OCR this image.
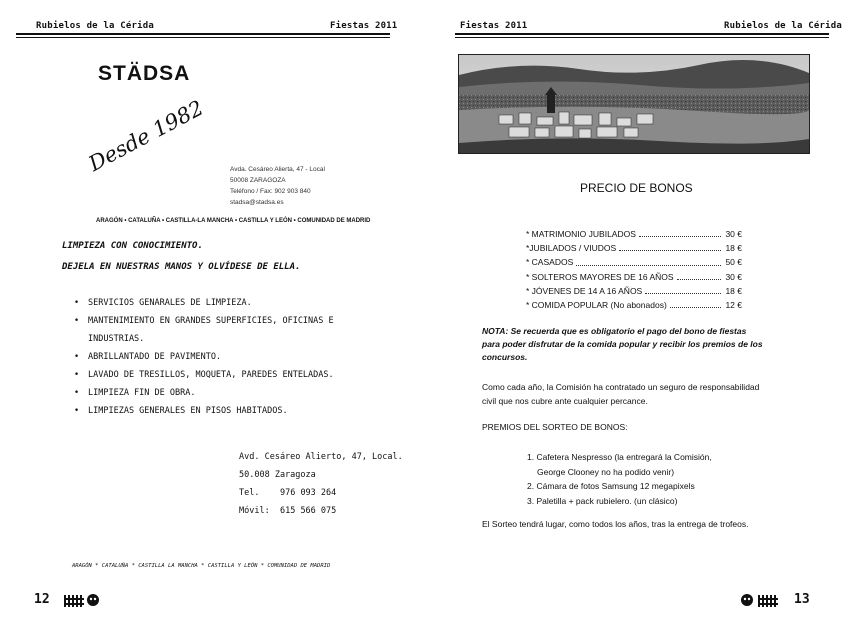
Rubielos de la Cérida	Fiestas 2011
STÄDSA
Desde 1982	Avda. Cesáreo Alierta, 47 - Local
50008 ZARAGOZA
Teléfono / Fax: 902 903 840
stadsa@stadsa.es
ARAGÓN • CATALUÑA • CASTILLA-LA MANCHA • CASTILLA Y LEÓN • COMUNIDAD DE MADRID
LIMPIEZA CON CONOCIMIENTO.
DEJELA EN NUESTRAS MANOS Y OLVÍDESE DE ELLA.
• SERVICIOS GENARALES DE LIMPIEZA.
• MANTENIMIENTO EN GRANDES SUPERFICIES, OFICINAS E INDUSTRIAS.
• ABRILLANTADO DE PAVIMENTO.
• LAVADO DE TRESILLOS, MOQUETA, PAREDES ENTELADAS.
• LIMPIEZA FIN DE OBRA.
• LIMPIEZAS GENERALES EN PISOS HABITADOS.
Avd. Cesáreo Alierto, 47, Local.
50.008 Zaragoza
Tel. 976 093 264
Móvil: 615 566 075
ARAGÓN * CATALUÑA * CASTILLA LA MANCHA * CASTILLA Y LEÓN * COMUNIDAD DE MADRID
12
Fiestas 2011	Rubielos de la Cérida
PRECIO DE BONOS
* MATRIMONIO JUBILADOS	30 €
*JUBILADOS / VIUDOS	18 €
* CASADOS	50 €
* SOLTEROS MAYORES DE 16 AÑOS	30 €
* JÓVENES DE 14 A 16 AÑOS	18 €
* COMIDA POPULAR (No abonados)	12 €
NOTA: Se recuerda que es obligatorio el pago del bono de fiestas
para poder disfrutar de la comida popular y recibir los premios de los
concursos.
Como cada año, la Comisión ha contratado un seguro de responsabilidad
civil que nos cubre ante cualquier percance.
PREMIOS DEL SORTEO DE BONOS:
1. Cafetera Nespresso (la entregará la Comisión,
George Clooney no ha podido venir)
2. Cámara de fotos Samsung 12 megapixels
3. Paletilla + pack rubielero. (un clásico)
El Sorteo tendrá lugar, como todos los años, tras la entrega de trofeos.
13
